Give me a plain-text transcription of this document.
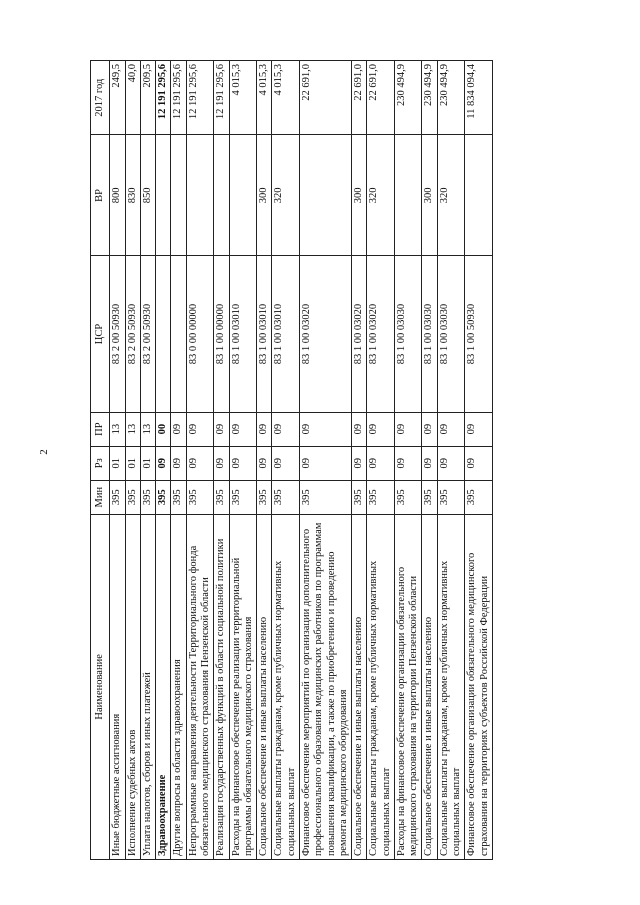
2
Наименование	Мин	Рз	ПР	ЦСР	ВР	2017 год
Иные бюджетные ассигнования	395	01	13	83 2 00 50930	800	249,5
Исполнение судебных актов	395	01	13	83 2 00 50930	830	40,0
Уплата налогов, сборов и иных платежей	395	01	13	83 2 00 50930	850	209,5
Здравоохранение	395	09	00			12 191 295,6
Другие вопросы в области здравоохранения	395	09	09			12 191 295,6
Непрограммные направления деятельности Территориального фонда обязательного медицинского страхования Пензенской области	395	09	09	83 0 00 00000		12 191 295,6
Реализация государственных функций в области социальной политики	395	09	09	83 1 00 00000		12 191 295,6
Расходы на финансовое обеспечение реализации территориальной программы обязательного медицинского страхования	395	09	09	83 1 00 03010		4 015,3
Социальное обеспечение и иные выплаты населению	395	09	09	83 1 00 03010	300	4 015,3
Социальные выплаты гражданам, кроме публичных нормативных социальных выплат	395	09	09	83 1 00 03010	320	4 015,3
Финансовое обеспечение мероприятий по организации дополнительного профессионального образования медицинских работников по программам повышения квалификации, а также по приобретению и проведению ремонта медицинского оборудования	395	09	09	83 1 00 03020		22 691,0
Социальное обеспечение и иные выплаты населению	395	09	09	83 1 00 03020	300	22 691,0
Социальные выплаты гражданам, кроме публичных нормативных социальных выплат	395	09	09	83 1 00 03020	320	22 691,0
Расходы на финансовое обеспечение организации обязательного медицинского страхования на территории Пензенской области	395	09	09	83 1 00 03030		230 494,9
Социальное обеспечение и иные выплаты населению	395	09	09	83 1 00 03030	300	230 494,9
Социальные выплаты гражданам, кроме публичных нормативных социальных выплат	395	09	09	83 1 00 03030	320	230 494,9
Финансовое обеспечение организации обязательного медицинского страхования на территориях субъектов Российской Федерации	395	09	09	83 1 00 50930		11 834 094,4
